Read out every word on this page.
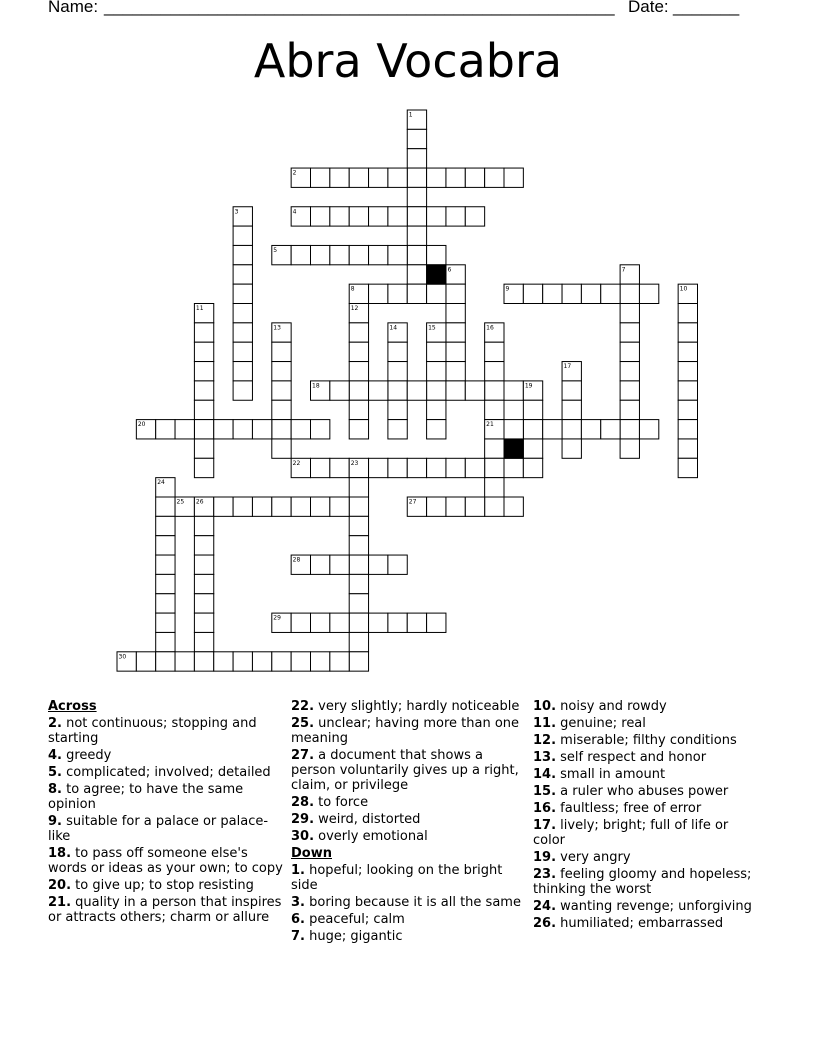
Name: ______________________________________________________ Date: _______
Abra Vocabra
1
2
3	4
5
6	7
8	9	10
11	12
13	14	15	16
17
18	19
20	21
22	23
24
25 26	27
28
29
30
Across
2. not continuous; stopping and starting
4. greedy
5. complicated; involved; detailed
8. to agree; to have the same opinion
9. suitable for a palace or palace-like
18. to pass off someone else's words or ideas as your own; to copy
20. to give up; to stop resisting
21. quality in a person that inspires or attracts others; charm or allure
22. very slightly; hardly noticeable
25. unclear; having more than one meaning
27. a document that shows a person voluntarily gives up a right, claim, or privilege
28. to force
29. weird, distorted
30. overly emotional
Down
1. hopeful; looking on the bright side
3. boring because it is all the same
6. peaceful; calm
7. huge; gigantic
10. noisy and rowdy
11. genuine; real
12. miserable; filthy conditions
13. self respect and honor
14. small in amount
15. a ruler who abuses power
16. faultless; free of error
17. lively; bright; full of life or color
19. very angry
23. feeling gloomy and hopeless; thinking the worst
24. wanting revenge; unforgiving
26. humiliated; embarrassed
